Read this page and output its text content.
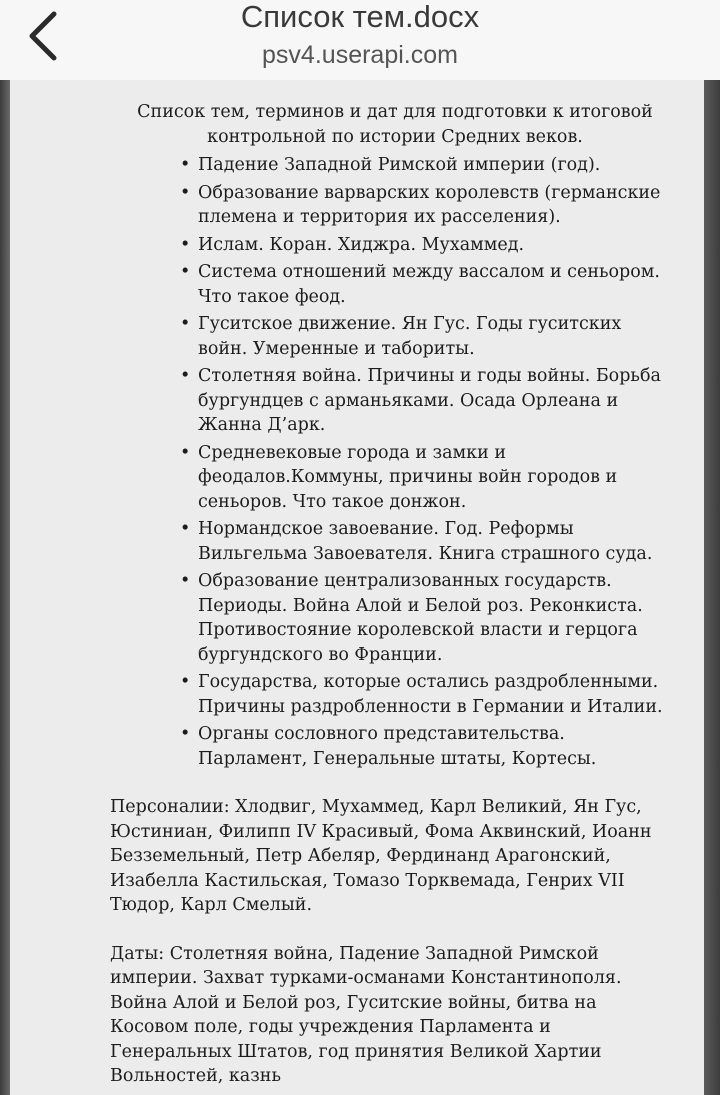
Список тем.docx
psv4.userapi.com
Список тем, терминов и дат для подготовки к итоговой контрольной по истории Средних веков.
• Падение Западной Римской империи (год).
• Образование варварских королевств (германские племена и территория их расселения).
• Ислам. Коран. Хиджра. Мухаммед.
• Система отношений между вассалом и сеньором. Что такое феод.
• Гуситское движение. Ян Гус. Годы гуситских войн. Умеренные и табориты.
• Столетняя война. Причины и годы войны. Борьба бургундцев с арманьяками. Осада Орлеана и Жанна Д’арк.
• Средневековые города и замки и феодалов.Коммуны, причины войн городов и сеньоров. Что такое донжон.
• Нормандское завоевание. Год. Реформы Вильгельма Завоевателя. Книга страшного суда.
• Образование централизованных государств. Периоды. Война Алой и Белой роз. Реконкиста. Противостояние королевской власти и герцога бургундского во Франции.
• Государства, которые остались раздробленными. Причины раздробленности в Германии и Италии.
• Органы сословного представительства. Парламент, Генеральные штаты, Кортесы.
Персоналии: Хлодвиг, Мухаммед, Карл Великий, Ян Гус, Юстиниан, Филипп IV Красивый, Фома Аквинский, Иоанн Безземельный, Петр Абеляр, Фердинанд Арагонский, Изабелла Кастильская, Томазо Торквемада, Генрих VII Тюдор, Карл Смелый.
Даты: Столетняя война, Падение Западной Римской империи. Захват турками-османами Константинополя. Война Алой и Белой роз, Гуситские войны, битва на Косовом поле, годы учреждения Парламента и Генеральных Штатов, год принятия Великой Хартии Вольностей, казнь
